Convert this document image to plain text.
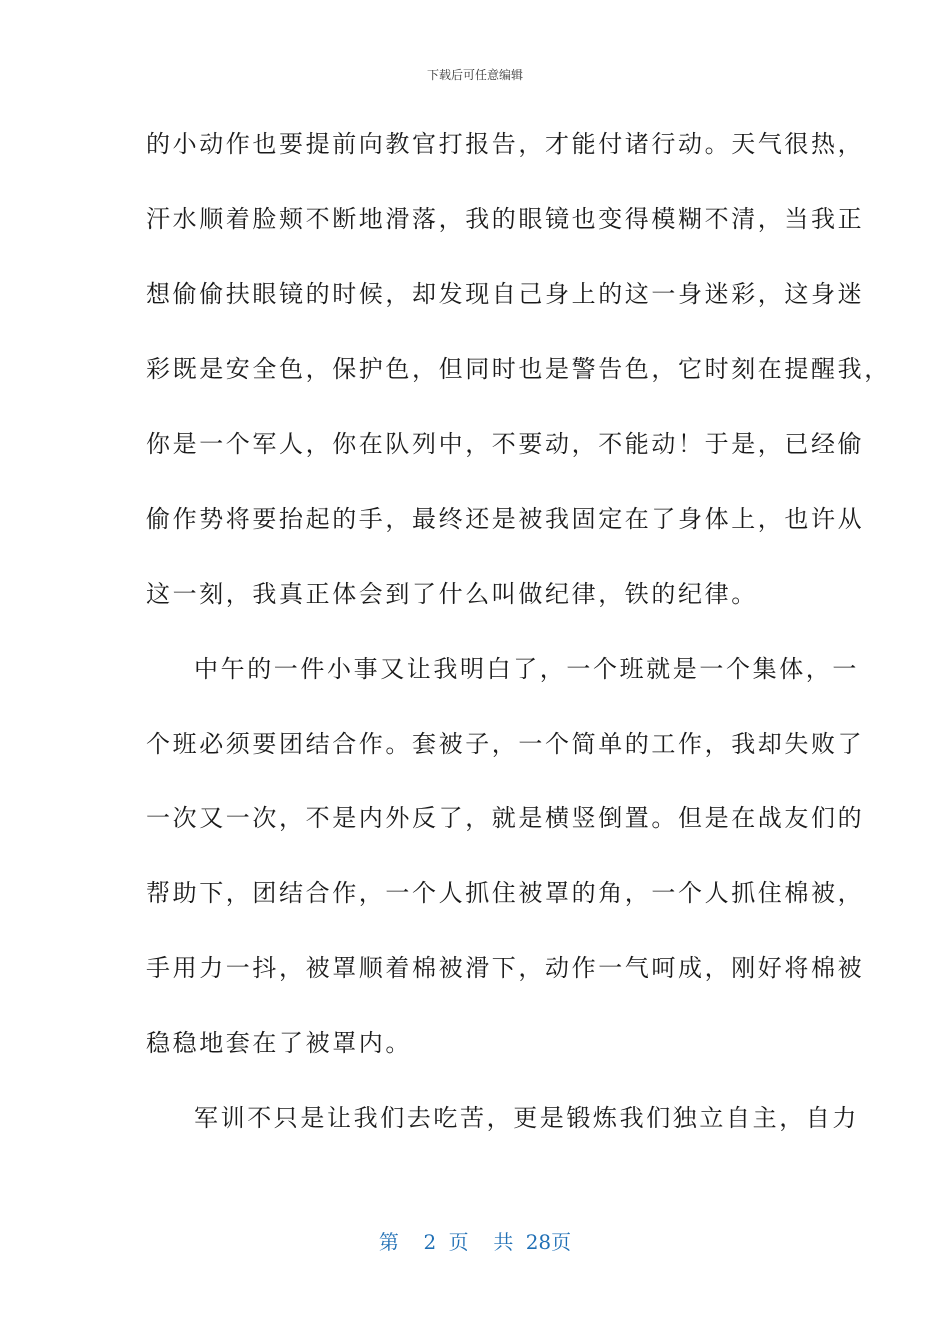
下载后可任意编辑
的小动作也要提前向教官打报告，才能付诸行动。天气很热，
汗水顺着脸颊不断地滑落，我的眼镜也变得模糊不清，当我正
想偷偷扶眼镜的时候，却发现自己身上的这一身迷彩，这身迷
彩既是安全色，保护色，但同时也是警告色，它时刻在提醒我，
你是一个军人，你在队列中，不要动，不能动！于是，已经偷
偷作势将要抬起的手，最终还是被我固定在了身体上，也许从
这一刻，我真正体会到了什么叫做纪律，铁的纪律。
中午的一件小事又让我明白了，一个班就是一个集体，一
个班必须要团结合作。套被子，一个简单的工作，我却失败了
一次又一次，不是内外反了，就是横竖倒置。但是在战友们的
帮助下，团结合作，一个人抓住被罩的角，一个人抓住棉被，
手用力一抖，被罩顺着棉被滑下，动作一气呵成，刚好将棉被
稳稳地套在了被罩内。
军训不只是让我们去吃苦，更是锻炼我们独立自主，自力
第  2 页  共 28页
